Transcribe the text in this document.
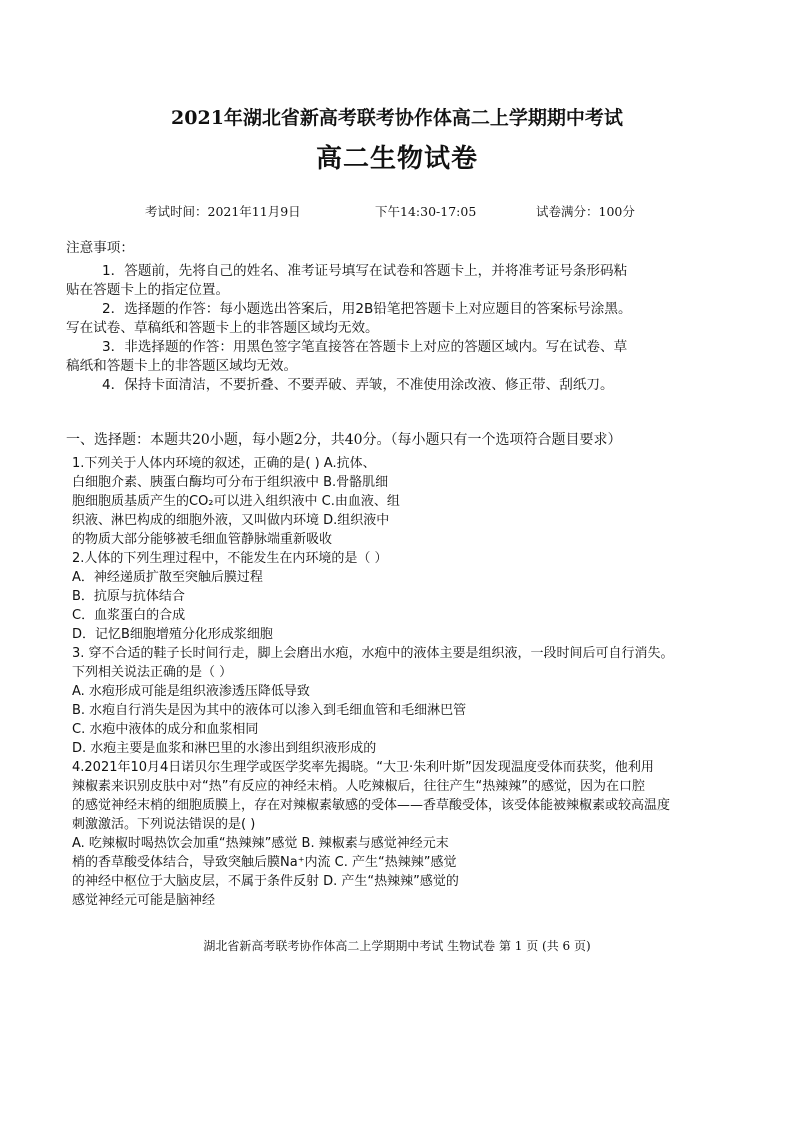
2021年湖北省新高考联考协作体高二上学期期中考试
高二生物试卷
考试时间：2021年11月9日	下午14:30-17:05	试卷满分：100分
注意事项：
1．答题前，先将自己的姓名、准考证号填写在试卷和答题卡上，并将准考证号条形码粘
贴在答题卡上的指定位置。
2．选择题的作答：每小题选出答案后，用2B铅笔把答题卡上对应题目的答案标号涂黑。
写在试卷、草稿纸和答题卡上的非答题区域均无效。
3．非选择题的作答：用黑色签字笔直接答在答题卡上对应的答题区域内。写在试卷、草
稿纸和答题卡上的非答题区域均无效。
4．保持卡面清洁，不要折叠、不要弄破、弄皱，不准使用涂改液、修正带、刮纸刀。
一、选择题：本题共20小题，每小题2分，共40分。（每小题只有一个选项符合题目要求）
1.下列关于人体内环境的叙述，正确的是( ) A.抗体、
白细胞介素、胰蛋白酶均可分布于组织液中 B.骨骼肌细
胞细胞质基质产生的CO₂可以进入组织液中 C.由血液、组
织液、淋巴构成的细胞外液，又叫做内环境 D.组织液中
的物质大部分能够被毛细血管静脉端重新吸收
2.人体的下列生理过程中，不能发生在内环境的是（ ）
A．神经递质扩散至突触后膜过程
B．抗原与抗体结合
C．血浆蛋白的合成
D．记忆B细胞增殖分化形成浆细胞
3. 穿不合适的鞋子长时间行走，脚上会磨出水疱，水疱中的液体主要是组织液，一段时间后可自行消失。
下列相关说法正确的是（ ）
A. 水疱形成可能是组织液渗透压降低导致
B. 水疱自行消失是因为其中的液体可以渗入到毛细血管和毛细淋巴管
C. 水疱中液体的成分和血浆相同
D. 水疱主要是血浆和淋巴里的水渗出到组织液形成的
4.2021年10月4日诺贝尔生理学或医学奖率先揭晓。“大卫·朱利叶斯”因发现温度受体而获奖，他利用
辣椒素来识别皮肤中对“热”有反应的神经末梢。人吃辣椒后，往往产生“热辣辣”的感觉，因为在口腔
的感觉神经末梢的细胞质膜上，存在对辣椒素敏感的受体——香草酸受体，该受体能被辣椒素或较高温度
刺激激活。下列说法错误的是( )
A. 吃辣椒时喝热饮会加重“热辣辣”感觉 B. 辣椒素与感觉神经元末
梢的香草酸受体结合，导致突触后膜Na⁺内流 C. 产生“热辣辣”感觉
的神经中枢位于大脑皮层，不属于条件反射 D. 产生“热辣辣”感觉的
感觉神经元可能是脑神经
湖北省新高考联考协作体高二上学期期中考试 生物试卷 第 1 页 (共 6 页)
